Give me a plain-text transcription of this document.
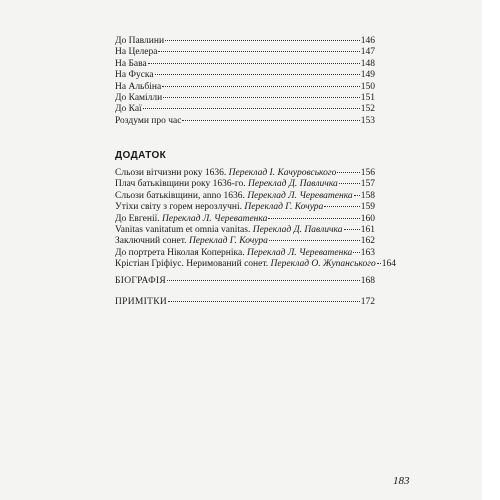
До Павлини	146
На Целера	147
На Бава	148
На Фуска	149
На Альбіна	150
До Камілли	151
До Каї	152
Роздуми про час	153
ДОДАТОК
Сльози вітчизни року 1636. Переклад І. Качуровського	156
Плач батьківщини року 1636-го. Переклад Д. Павличка 157
Сльози батьківщини, anno 1636. Переклад Л. Череватенка 158
Утіхи світу з горем нерозлучні. Переклад Г. Кочура	159
До Евгенії. Переклад Л. Череватенка	160
Vanitas vanitatum et omnia vanitas. Переклад Д. Павличка 161
Заключний сонет. Переклад Г. Кочура	162
До портрета Ніколая Коперніка. Переклад Л. Череватенка 163
Крістіан Гріфіус. Неримований сонет. Переклад О. Жупанського 164
БІОГРАФІЯ	168
ПРИМІТКИ	172
183
